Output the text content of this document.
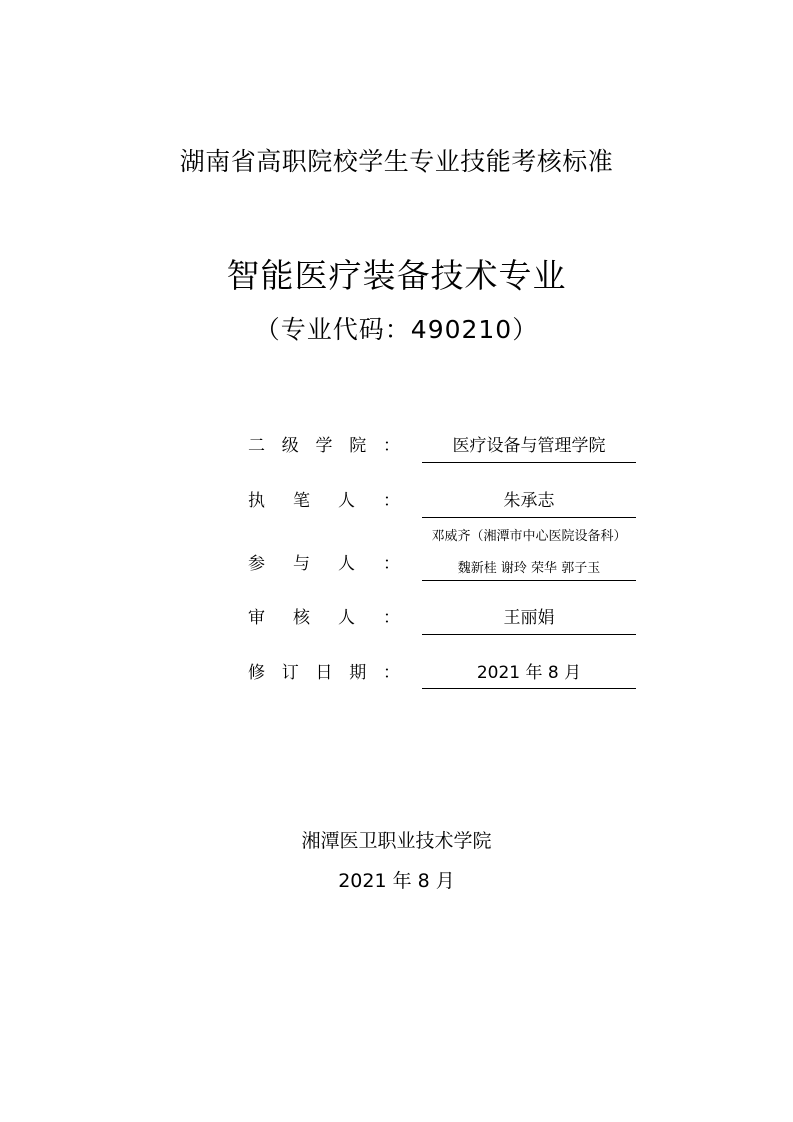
湖南省高职院校学生专业技能考核标准
智能医疗装备技术专业
（专业代码：490210）
二 级 学 院 ：	医疗设备与管理学院
执 笔 人 ：	朱承志
参 与 人 ：
邓威齐（湘潭市中心医院设备科）
魏新桂 谢玲 荣华 郭子玉
审 核 人 ：	王丽娟
修 订 日 期 ：	2021 年 8 月
湘潭医卫职业技术学院
2021 年 8 月
